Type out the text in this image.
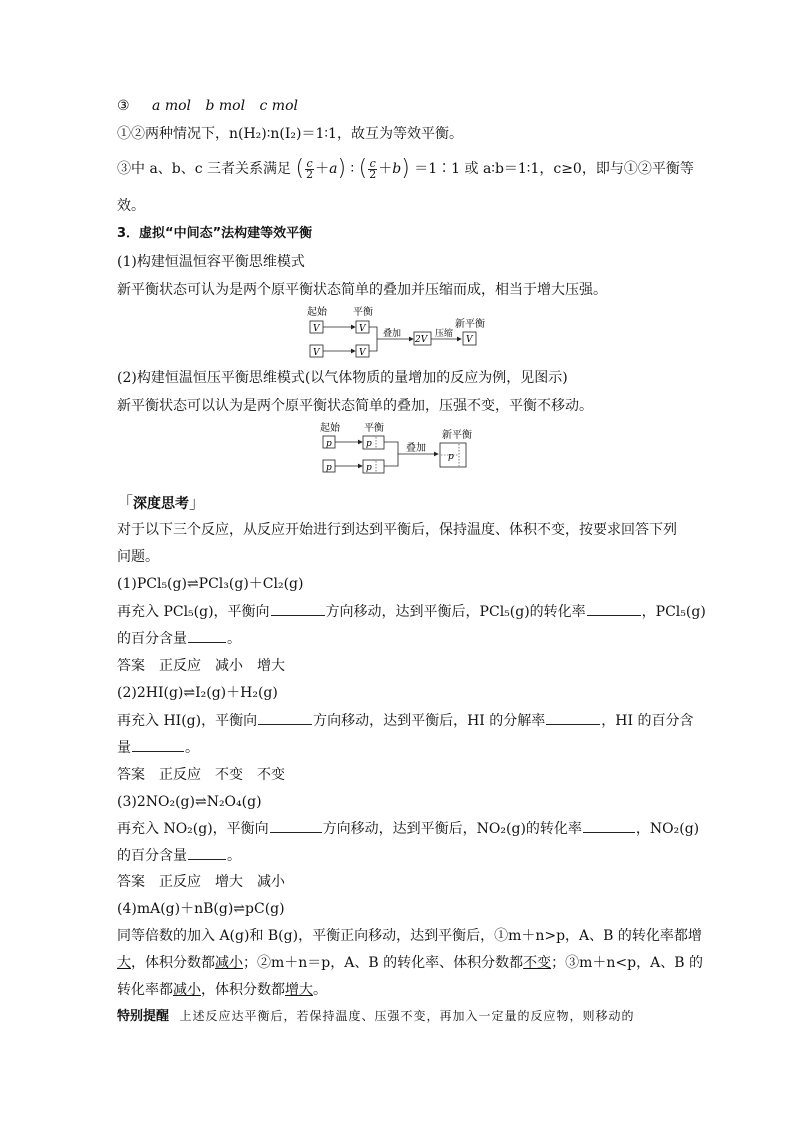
③ a mol b mol c mol
①②两种情况下，n(H₂)∶n(I₂)＝1∶1，故互为等效平衡。
③中 a、b、c 三者关系满足 ( $\frac{c}{2} +a$) ∶ ( $\frac{c}{2} +b$) ＝1∶1 或 a∶b＝1∶1，c≥0，即与①②平衡等
效。
3．虚拟“中间态”法构建等效平衡
(1)构建恒温恒容平衡思维模式
新平衡状态可认为是两个原平衡状态简单的叠加并压缩而成，相当于增大压强。
起始	平衡
V	V
V	V
叠加
2V
压缩
新平衡
V
(2)构建恒温恒压平衡思维模式(以气体物质的量增加的反应为例，见图示)
新平衡状态可以认为是两个原平衡状态简单的叠加，压强不变，平衡不移动。
起始 平衡
p	p
p	p
叠加
新平衡
p
「深度思考」
对于以下三个反应，从反应开始进行到达到平衡后，保持温度、体积不变，按要求回答下列
问题。
(1)PCl₅(g)⇌PCl₃(g)＋Cl₂(g)
再充入 PCl₅(g)，平衡向	方向移动，达到平衡后，PCl₅(g)的转化率	，PCl₅(g)
的百分含量	。
答案　 正反应　减小　增大
(2)2HI(g)⇌I₂(g)＋H₂(g)
再充入 HI(g)，平衡向	方向移动，达到平衡后，HI 的分解率	，HI 的百分含
量	。
答案　 正反应　不变　不变
(3)2NO₂(g)⇌N₂O₄(g)
再充入 NO₂(g)，平衡向	方向移动，达到平衡后，NO₂(g)的转化率	，NO₂(g)
的百分含量	。
答案　 正反应　增大　减小
(4)mA(g)＋nB(g)⇌pC(g)
同等倍数的加入 A(g)和 B(g)，平衡正向移动，达到平衡后，①m＋n>p，A、B 的转化率都增
大，体积分数都减小；②m＋n＝p，A、B 的转化率、体积分数都不变；③m＋n<p，A、B 的
转化率都减小，体积分数都增大。
特别提醒 上述反应达平衡后，若保持温度、压强不变，再加入一定量的反应物，则移动的
